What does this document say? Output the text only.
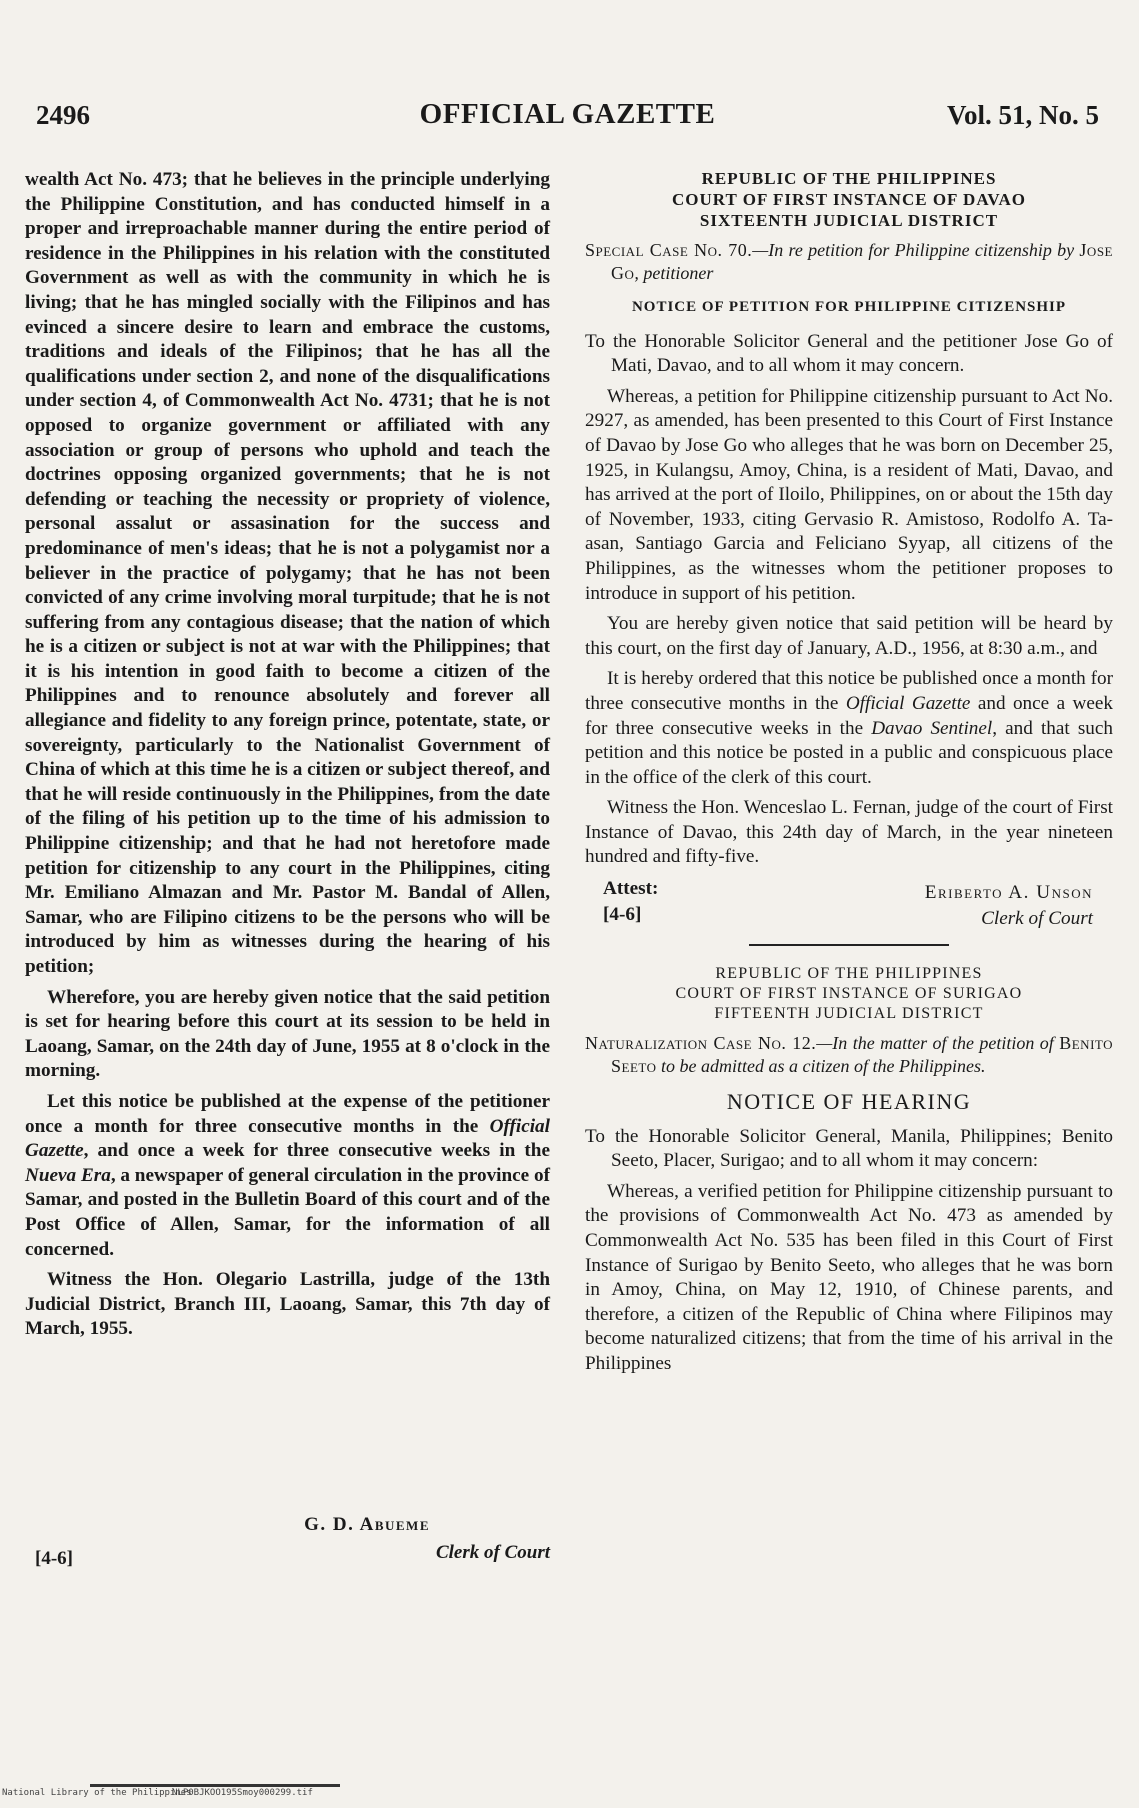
2496	OFFICIAL GAZETTE	Vol. 51, No. 5

wealth Act No. 473; that he believes in the principle underlying the Philippine Constitution, and has conducted himself in a proper and irreproachable manner during the entire period of residence in the Philippines in his relation with the constituted Government as well as with the community in which he is living; that he has mingled socially with the Filipinos and has evinced a sincere desire to learn and embrace the customs, traditions and ideals of the Filipinos; that he has all the qualifications under section 2, and none of the disqualifications under section 4, of Commonwealth Act No. 4731; that he is not opposed to organize government or affiliated with any association or group of persons who uphold and teach the doctrines opposing organized governments; that he is not defending or teaching the necessity or propriety of violence, personal assalut or assasination for the success and predominance of men's ideas; that he is not a polygamist nor a believer in the practice of polygamy; that he has not been convicted of any crime involving moral turpitude; that he is not suffering from any contagious disease; that the nation of which he is a citizen or subject is not at war with the Philippines; that it is his intention in good faith to become a citizen of the Philippines and to renounce absolutely and forever all allegiance and fidelity to any foreign prince, potentate, state, or sovereignty, particularly to the Nationalist Government of China of which at this time he is a citizen or subject thereof, and that he will reside continuously in the Philippines, from the date of the filing of his petition up to the time of his admission to Philippine citizenship; and that he had not heretofore made petition for citizenship to any court in the Philippines, citing Mr. Emiliano Almazan and Mr. Pastor M. Bandal of Allen, Samar, who are Filipino citizens to be the persons who will be introduced by him as witnesses during the hearing of his petition;

Wherefore, you are hereby given notice that the said petition is set for hearing before this court at its session to be held in Laoang, Samar, on the 24th day of June, 1955 at 8 o'clock in the morning.

Let this notice be published at the expense of the petitioner once a month for three consecutive months in the Official Gazette, and once a week for three consecutive weeks in the Nueva Era, a newspaper of general circulation in the province of Samar, and posted in the Bulletin Board of this court and of the Post Office of Allen, Samar, for the information of all concerned.

Witness the Hon. Olegario Lastrilla, judge of the 13th Judicial District, Branch III, Laoang, Samar, this 7th day of March, 1955.

G. D. Abueme
Clerk of Court
[4-6]
REPUBLIC OF THE PHILIPPINES
COURT OF FIRST INSTANCE OF DAVAO
SIXTEENTH JUDICIAL DISTRICT
Special Case No. 70.—In re petition for Philippine citizenship by Jose Go, petitioner
NOTICE OF PETITION FOR PHILIPPINE CITIZENSHIP

To the Honorable Solicitor General and the petitioner Jose Go of Mati, Davao, and to all whom it may concern.

Whereas, a petition for Philippine citizenship pursuant to Act No. 2927, as amended, has been presented to this Court of First Instance of Davao by Jose Go who alleges that he was born on December 25, 1925, in Kulangsu, Amoy, China, is a resident of Mati, Davao, and has arrived at the port of Iloilo, Philippines, on or about the 15th day of November, 1933, citing Gervasio R. Amistoso, Rodolfo A. Ta-asan, Santiago Garcia and Feliciano Syyap, all citizens of the Philippines, as the witnesses whom the petitioner proposes to introduce in support of his petition.

You are hereby given notice that said petition will be heard by this court, on the first day of January, A.D., 1956, at 8:30 a.m., and

It is hereby ordered that this notice be published once a month for three consecutive months in the Official Gazette and once a week for three consecutive weeks in the Davao Sentinel, and that such petition and this notice be posted in a public and conspicuous place in the office of the clerk of this court.

Witness the Hon. Wenceslao L. Fernan, judge of the court of First Instance of Davao, this 24th day of March, in the year nineteen hundred and fifty-five.

Attest:
[4-6]
Eriberto A. Unson
Clerk of Court
REPUBLIC OF THE PHILIPPINES
COURT OF FIRST INSTANCE OF SURIGAO
FIFTEENTH JUDICIAL DISTRICT
Naturalization Case No. 12.—In the matter of the petition of Benito Seeto to be admitted as a citizen of the Philippines.
NOTICE OF HEARING

To the Honorable Solicitor General, Manila, Philippines; Benito Seeto, Placer, Surigao; and to all whom it may concern:

Whereas, a verified petition for Philippine citizenship pursuant to the provisions of Commonwealth Act No. 473 as amended by Commonwealth Act No. 535 has been filed in this Court of First Instance of Surigao by Benito Seeto, who alleges that he was born in Amoy, China, on May 12, 1910, of Chinese parents, and therefore, a citizen of the Republic of China where Filipinos may become naturalized citizens; that from the time of his arrival in the Philippines

National Library of the Philippines
NLP0BJKOO195Smoy000299.tif
